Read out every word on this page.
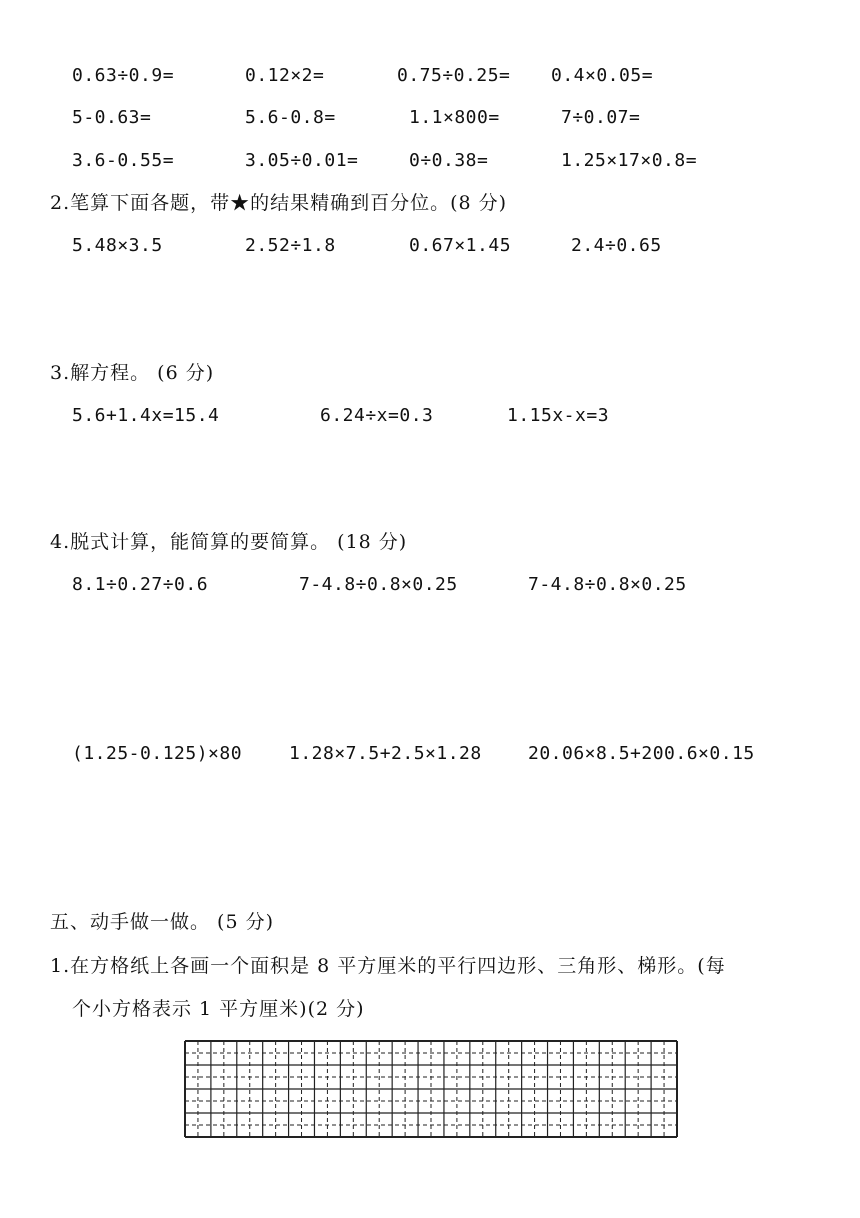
0.63÷0.9=	0.12×2=	0.75÷0.25= 0.4×0.05=
5-0.63=	5.6-0.8=	1.1×800=	7÷0.07=
3.6-0.55=	3.05÷0.01=	0÷0.38=	1.25×17×0.8=
2.笔算下面各题，带★的结果精确到百分位。(8 分)
5.48×3.5	2.52÷1.8	0.67×1.45	2.4÷0.65
3.解方程。 (6 分)
5.6+1.4x=15.4	6.24÷x=0.3	1.15x-x=3
4.脱式计算，能简算的要简算。 (18 分)
8.1÷0.27÷0.6	7-4.8÷0.8×0.25	7-4.8÷0.8×0.25
(1.25-0.125)×80	1.28×7.5+2.5×1.28	20.06×8.5+200.6×0.15
五、动手做一做。 (5 分)
1.在方格纸上各画一个面积是 8 平方厘米的平行四边形、三角形、梯形。(每
个小方格表示 1 平方厘米)(2 分)
